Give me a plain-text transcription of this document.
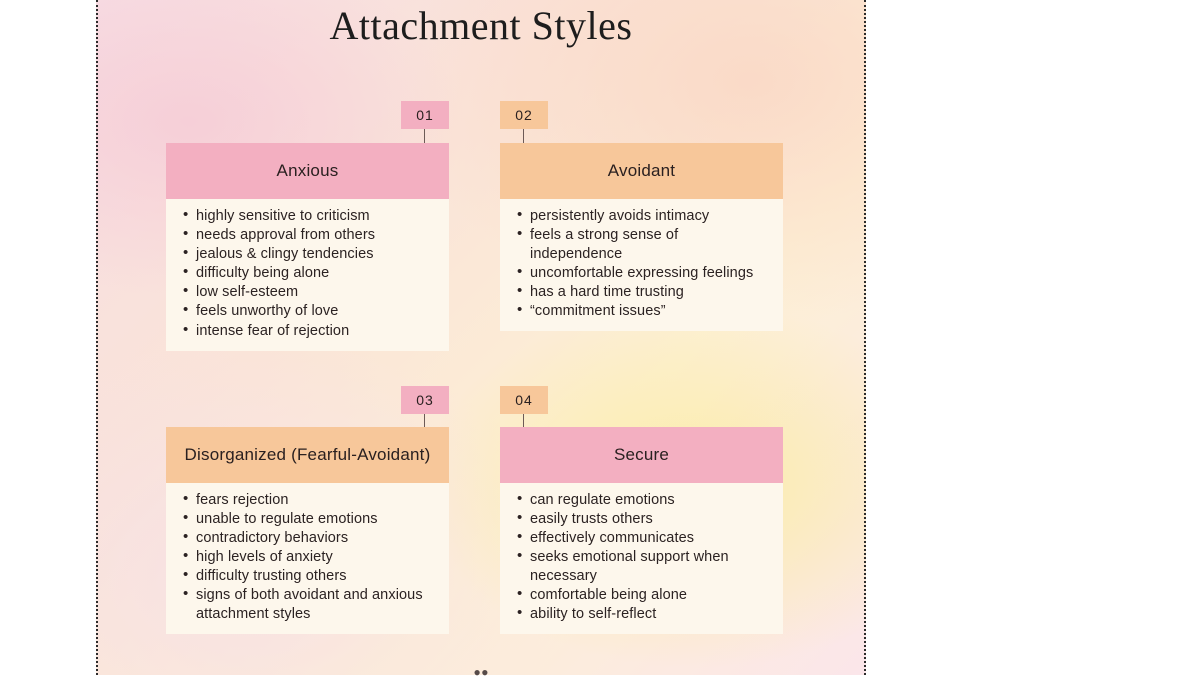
Attachment Styles
01	02
03	04
Anxious
• highly sensitive to criticism
• needs approval from others
• jealous & clingy tendencies
• difficulty being alone
• low self-esteem
• feels unworthy of love
• intense fear of rejection
Avoidant
• persistently avoids intimacy
• feels a strong sense of independence
• uncomfortable expressing feelings
• has a hard time trusting
• “commitment issues”
Disorganized (Fearful-Avoidant)
• fears rejection
• unable to regulate emotions
• contradictory behaviors
• high levels of anxiety
• difficulty trusting others
• signs of both avoidant and anxious attachment styles
Secure
• can regulate emotions
• easily trusts others
• effectively communicates
• seeks emotional support when necessary
• comfortable being alone
• ability to self-reflect
••
